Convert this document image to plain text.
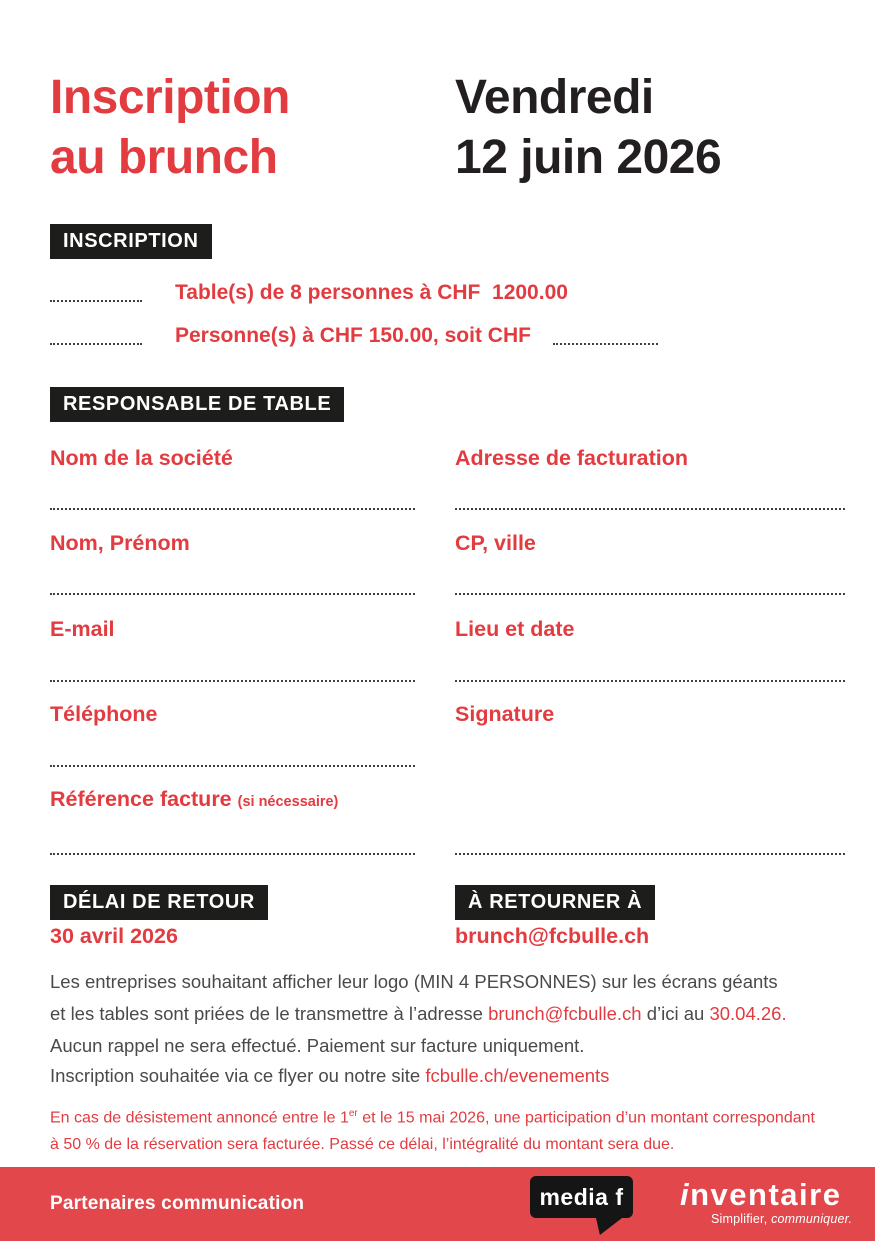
Inscription
au brunch
Vendredi
12 juin 2026
INSCRIPTION
Table(s) de 8 personnes à CHF  1200.00
Personne(s) à CHF 150.00, soit CHF
RESPONSABLE DE TABLE
Nom de la société
Nom, Prénom
E-mail
Téléphone
Référence facture (si nécessaire)
Adresse de facturation
CP, ville
Lieu et date
Signature
DÉLAI DE RETOUR
30 avril 2026
À RETOURNER À
brunch@fcbulle.ch
Les entreprises souhaitant afficher leur logo (MIN 4 PERSONNES) sur les écrans géants
et les tables sont priées de le transmettre à l’adresse brunch@fcbulle.ch d’ici au 30.04.26.
Aucun rappel ne sera effectué. Paiement sur facture uniquement.
Inscription souhaitée via ce flyer ou notre site fcbulle.ch/evenements
En cas de désistement annoncé entre le 1er et le 15 mai 2026, une participation d’un montant correspondant
à 50 % de la réservation sera facturée. Passé ce délai, l’intégralité du montant sera due.
Partenaires communication	media f	inventaire
Simplifier, communiquer.
